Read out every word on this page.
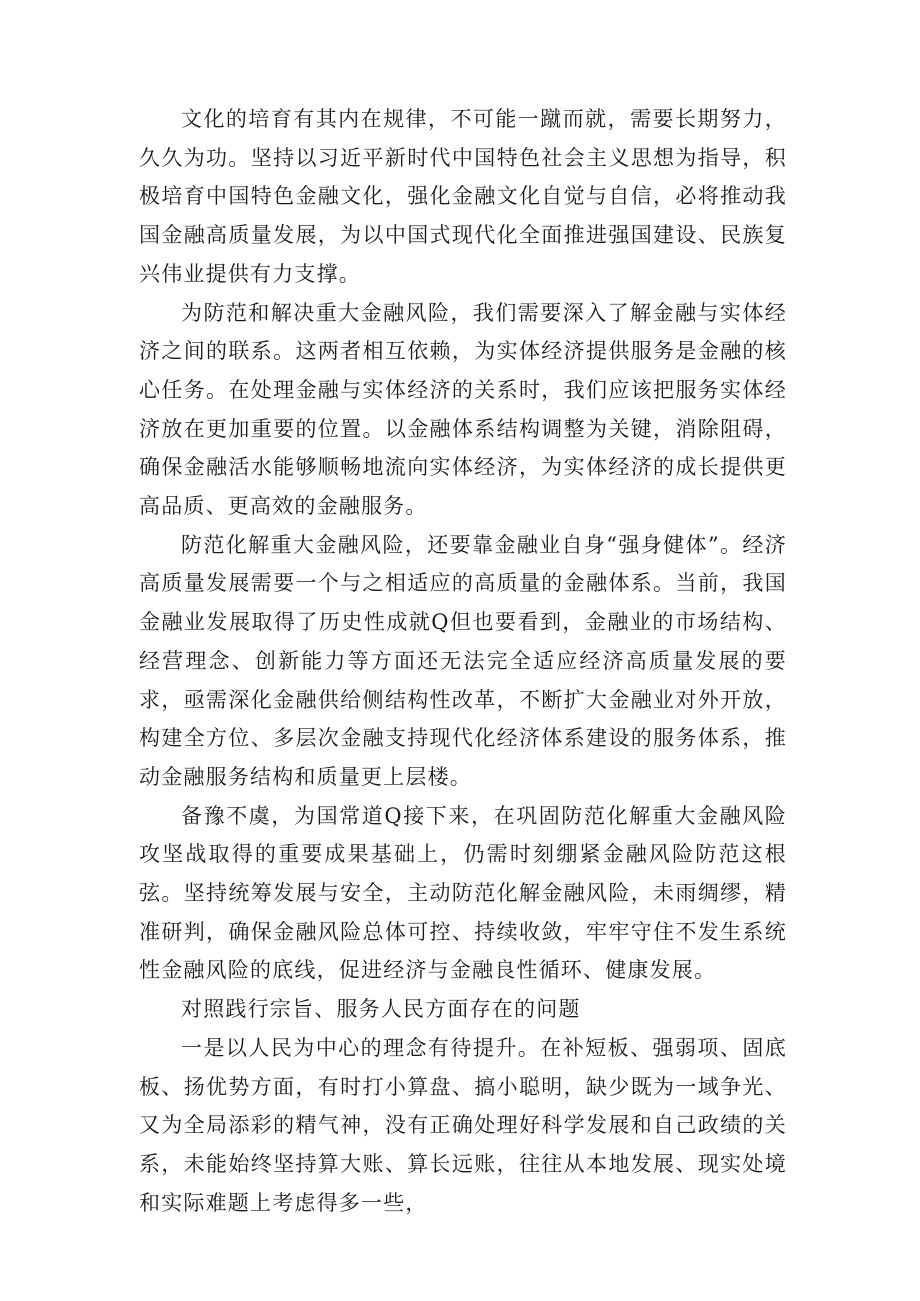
文化的培育有其内在规律，不可能一蹴而就，需要长期努力，久久为功。坚持以习近平新时代中国特色社会主义思想为指导，积极培育中国特色金融文化，强化金融文化自觉与自信，必将推动我国金融高质量发展，为以中国式现代化全面推进强国建设、民族复兴伟业提供有力支撑。

为防范和解决重大金融风险，我们需要深入了解金融与实体经济之间的联系。这两者相互依赖，为实体经济提供服务是金融的核心任务。在处理金融与实体经济的关系时，我们应该把服务实体经济放在更加重要的位置。以金融体系结构调整为关键，消除阻碍，确保金融活水能够顺畅地流向实体经济，为实体经济的成长提供更高品质、更高效的金融服务。

防范化解重大金融风险，还要靠金融业自身“强身健体”。经济高质量发展需要一个与之相适应的高质量的金融体系。当前，我国金融业发展取得了历史性成就Q但也要看到，金融业的市场结构、经营理念、创新能力等方面还无法完全适应经济高质量发展的要求，亟需深化金融供给侧结构性改革，不断扩大金融业对外开放，构建全方位、多层次金融支持现代化经济体系建设的服务体系，推动金融服务结构和质量更上层楼。

备豫不虞，为国常道Q接下来，在巩固防范化解重大金融风险攻坚战取得的重要成果基础上，仍需时刻绷紧金融风险防范这根弦。坚持统筹发展与安全，主动防范化解金融风险，未雨绸缪，精准研判，确保金融风险总体可控、持续收敛，牢牢守住不发生系统性金融风险的底线，促进经济与金融良性循环、健康发展。

对照践行宗旨、服务人民方面存在的问题

一是以人民为中心的理念有待提升。在补短板、强弱项、固底板、扬优势方面，有时打小算盘、搞小聪明，缺少既为一域争光、又为全局添彩的精气神，没有正确处理好科学发展和自己政绩的关系，未能始终坚持算大账、算长远账，往往从本地发展、现实处境和实际难题上考虑得多一些，
